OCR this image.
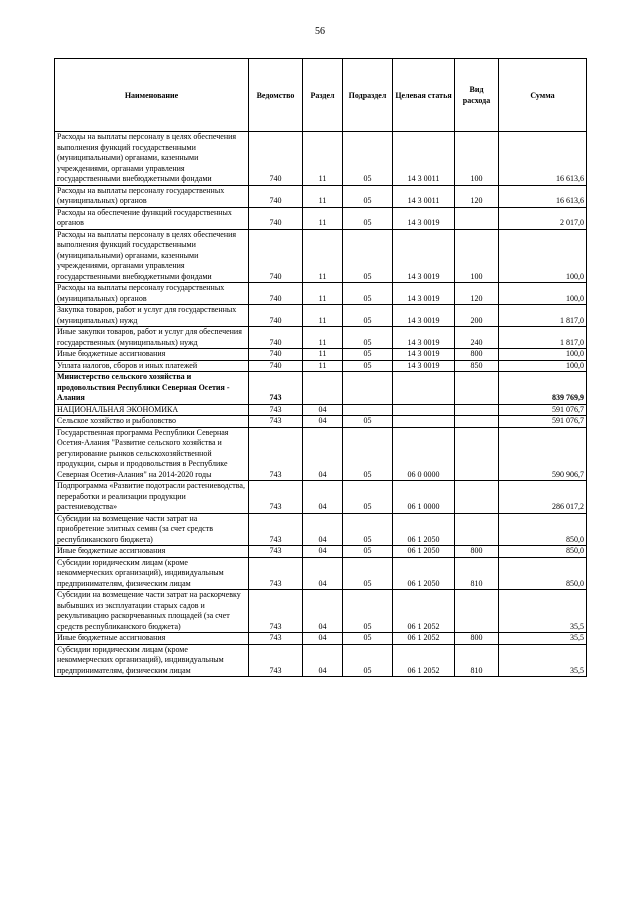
56
Наименование	Ведомство	Раздел	Подраздел	Целевая статья	Вид расхода	Сумма
Расходы на выплаты персоналу в целях обеспечения выполнения функций государственными (муниципальными) органами, казенными учреждениями, органами управления государственными внебюджетными фондами	740	11	05	14 3 0011	100	16 613,6
Расходы на выплаты персоналу государственных (муниципальных) органов	740	11	05	14 3 0011	120	16 613,6
Расходы на обеспечение функций государственных органов	740	11	05	14 3 0019		2 017,0
Расходы на выплаты персоналу в целях обеспечения выполнения функций государственными (муниципальными) органами, казенными учреждениями, органами управления государственными внебюджетными фондами	740	11	05	14 3 0019	100	100,0
Расходы на выплаты персоналу государственных (муниципальных) органов	740	11	05	14 3 0019	120	100,0
Закупка товаров, работ и услуг для государственных (муниципальных) нужд	740	11	05	14 3 0019	200	1 817,0
Иные закупки товаров, работ и услуг для обеспечения государственных (муниципальных) нужд	740	11	05	14 3 0019	240	1 817,0
Иные бюджетные ассигнования	740	11	05	14 3 0019	800	100,0
Уплата налогов, сборов и иных платежей	740	11	05	14 3 0019	850	100,0
Министерство сельского хозяйства и продовольствия Республики Северная Осетия - Алания	743					839 769,9
НАЦИОНАЛЬНАЯ ЭКОНОМИКА	743	04				591 076,7
Сельское хозяйство и рыболовство	743	04	05			591 076,7
Государственная программа Республики Северная Осетия-Алания "Развитие сельского хозяйства и регулирование рынков сельскохозяйственной продукции, сырья и продовольствия в Республике Северная Осетия-Алания" на 2014-2020 годы	743	04	05	06 0 0000		590 906,7
Подпрограмма «Развитие подотрасли растениеводства, переработки и реализации продукции растениеводства»	743	04	05	06 1 0000		286 017,2
Субсидии на возмещение части затрат на приобретение элитных семян (за счет средств республиканского бюджета)	743	04	05	06 1 2050		850,0
Иные бюджетные ассигнования	743	04	05	06 1 2050	800	850,0
Субсидии юридическим лицам (кроме некоммерческих организаций), индивидуальным предпринимателям, физическим лицам	743	04	05	06 1 2050	810	850,0
Субсидии на возмещение части затрат на раскорчевку выбывших из эксплуатации старых садов и рекультивацию раскорчеванных площадей (за счет средств республиканского бюджета)	743	04	05	06 1 2052		35,5
Иные бюджетные ассигнования	743	04	05	06 1 2052	800	35,5
Субсидии юридическим лицам (кроме некоммерческих организаций), индивидуальным предпринимателям, физическим лицам	743	04	05	06 1 2052	810	35,5
